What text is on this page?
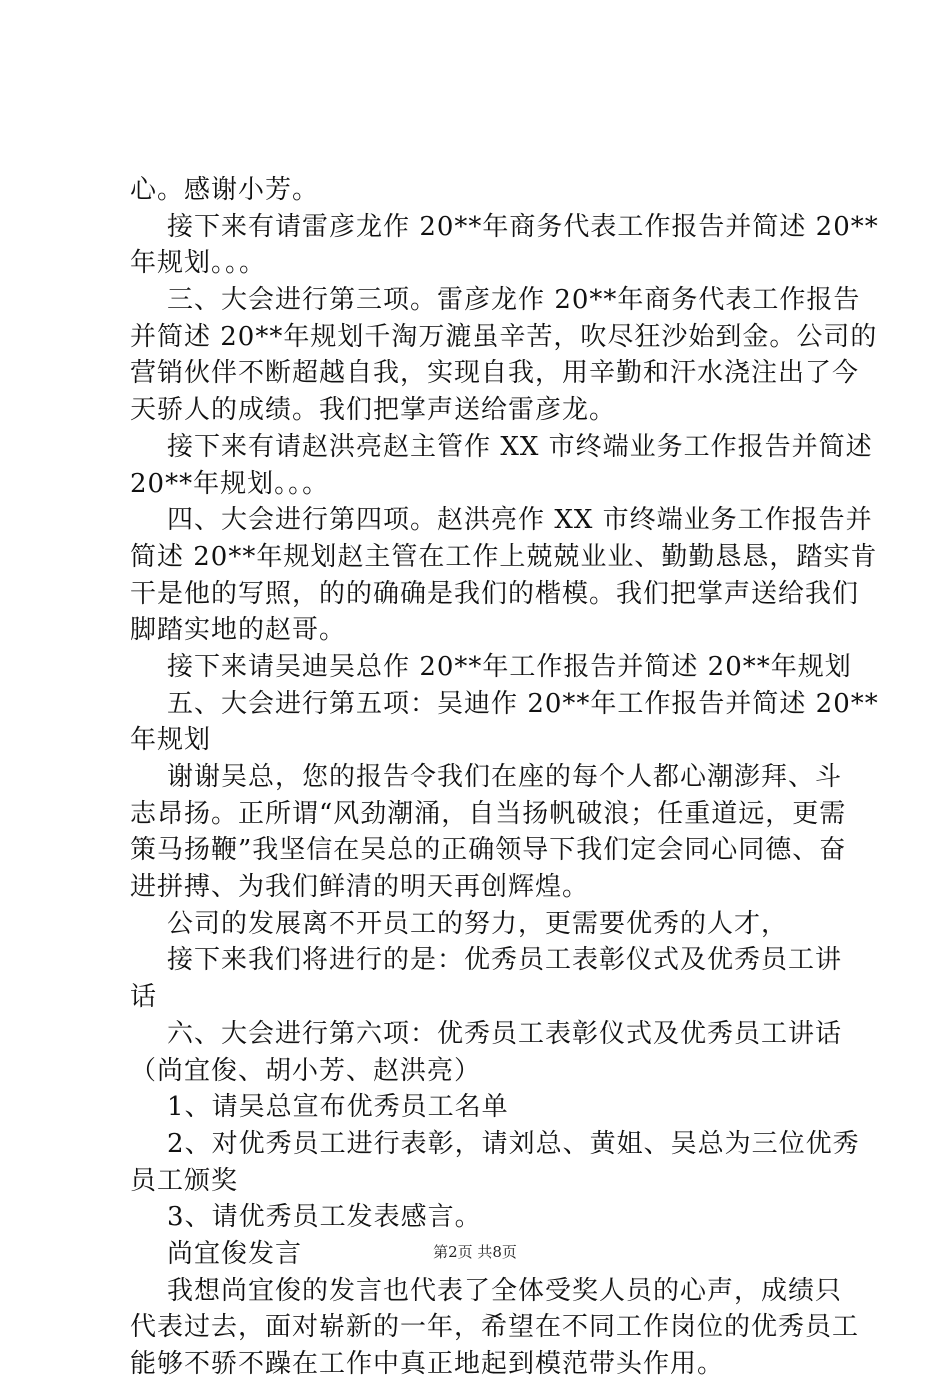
心。感谢小芳。

接下来有请雷彦龙作 20**年商务代表工作报告并简述 20**

年规划。。。

三、大会进行第三项。雷彦龙作 20**年商务代表工作报告

并简述 20**年规划千淘万漉虽辛苦，吹尽狂沙始到金。公司的

营销伙伴不断超越自我，实现自我，用辛勤和汗水浇注出了今

天骄人的成绩。我们把掌声送给雷彦龙。

接下来有请赵洪亮赵主管作 XX 市终端业务工作报告并简述

20**年规划。。。

四、大会进行第四项。赵洪亮作 XX 市终端业务工作报告并

简述 20**年规划赵主管在工作上兢兢业业、勤勤恳恳，踏实肯

干是他的写照，的的确确是我们的楷模。我们把掌声送给我们

脚踏实地的赵哥。

接下来请吴迪吴总作 20**年工作报告并简述 20**年规划

五、大会进行第五项：吴迪作 20**年工作报告并简述 20**

年规划

谢谢吴总，您的报告令我们在座的每个人都心潮澎拜、斗

志昂扬。正所谓“风劲潮涌，自当扬帆破浪；任重道远，更需

策马扬鞭”我坚信在吴总的正确领导下我们定会同心同德、奋

进拼搏、为我们鲜清的明天再创辉煌。

公司的发展离不开员工的努力，更需要优秀的人才，

接下来我们将进行的是：优秀员工表彰仪式及优秀员工讲

话

六、大会进行第六项：优秀员工表彰仪式及优秀员工讲话

（尚宜俊、胡小芳、赵洪亮）

1、请吴总宣布优秀员工名单

2、对优秀员工进行表彰，请刘总、黄姐、吴总为三位优秀

员工颁奖

3、请优秀员工发表感言。

尚宜俊发言

我想尚宜俊的发言也代表了全体受奖人员的心声，成绩只

代表过去，面对崭新的一年，希望在不同工作岗位的优秀员工

能够不骄不躁在工作中真正地起到模范带头作用。

第2页 共8页
